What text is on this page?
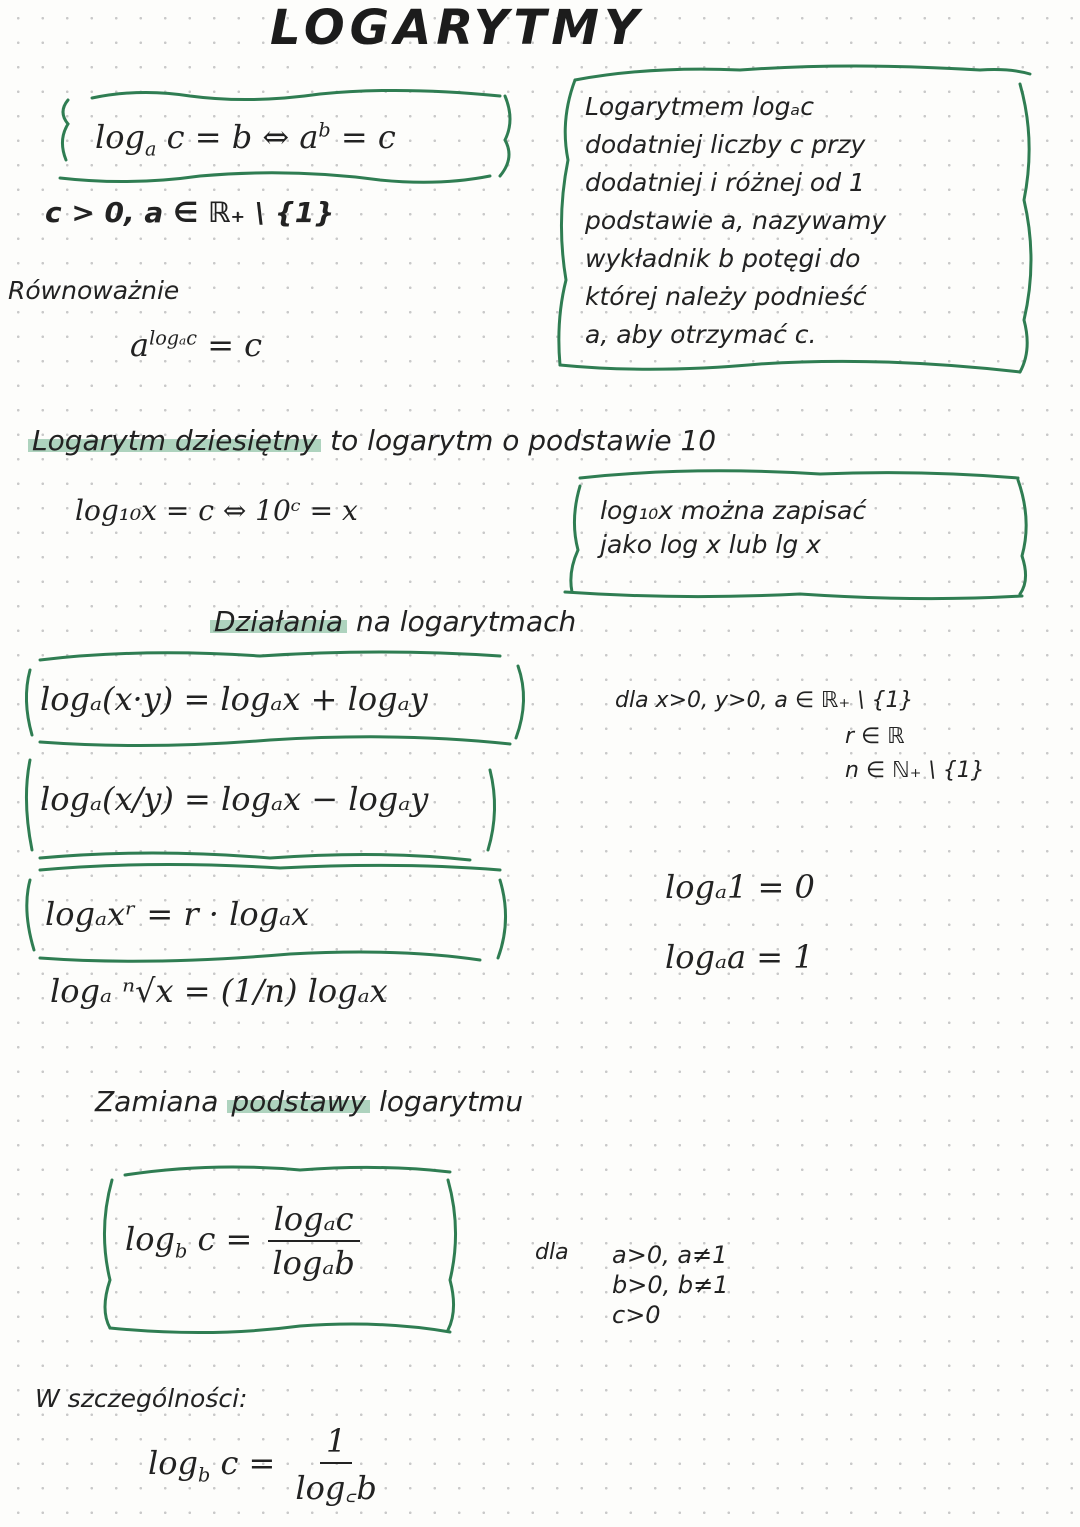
LOGARYTMY
$\log_a c = b$ ⇔ $a^b = c$
c > 0, a ∈ ℝ₊ \ {1}
Równoważnie
$a^{log_ac} = c$
Logarytmem logₐc
dodatniej liczby c przy
dodatniej i różnej od 1
podstawie a, nazywamy
wykładnik b potęgi do
której należy podnieść
a, aby otrzymać c.
Logarytm dziesiętny to logarytm o podstawie 10
log₁₀x = c ⇔ 10ᶜ = x	log₁₀x można zapisać
jako log x lub lg x
Działania na logarytmach
logₐ(x·y) = logₐx + logₐy
logₐ(x/y) = logₐx − logₐy
logₐxʳ = r · logₐx
logₐ ⁿ√x = (1/n) logₐx
dla x>0, y>0, a ∈ ℝ₊ \ {1}
r ∈ ℝ
n ∈ ℕ₊ \ {1}
logₐ1 = 0
logₐa = 1
Zamiana podstawy logarytmu
$\log_b c = \frac{\text{logₐc}}{\text{logₐb}}$	dla a>0, a≠1
b>0, b≠1
c>0
W szczególności:
$\log_b c = \frac{1}{\log꜀b}$
